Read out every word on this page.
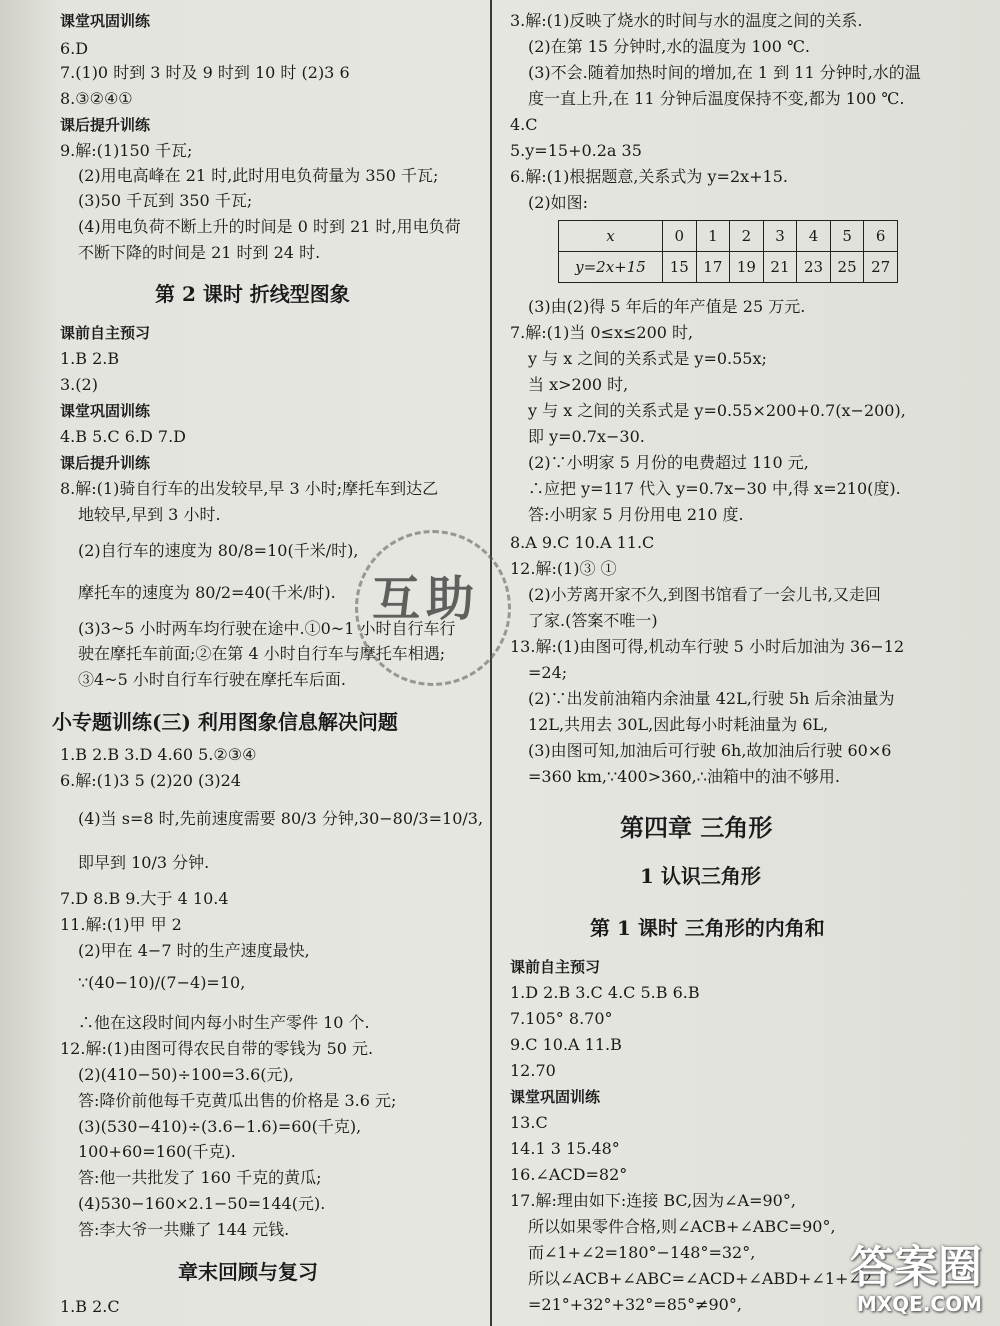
课堂巩固训练
6.D
7.(1)0 时到 3 时及 9 时到 10 时 (2)3 6
8.③②④①
课后提升训练
9.解:(1)150 千瓦;
(2)用电高峰在 21 时,此时用电负荷量为 350 千瓦;
(3)50 千瓦到 350 千瓦;
(4)用电负荷不断上升的时间是 0 时到 21 时,用电负荷
不断下降的时间是 21 时到 24 时.
课前自主预习
1.B 2.B
3.(2)
课堂巩固训练
4.B 5.C 6.D 7.D
课后提升训练
8.解:(1)骑自行车的出发较早,早 3 小时;摩托车到达乙
地较早,早到 3 小时.
(2)自行车的速度为 80/8=10(千米/时),
摩托车的速度为 80/2=40(千米/时).
(3)3~5 小时两车均行驶在途中.①0~1 小时自行车行
驶在摩托车前面;②在第 4 小时自行车与摩托车相遇;
③4~5 小时自行车行驶在摩托车后面.
1.B 2.B 3.D 4.60 5.②③④
6.解:(1)3 5 (2)20 (3)24
(4)当 s=8 时,先前速度需要 80/3 分钟,30−80/3=10/3,
即早到 10/3 分钟.
7.D 8.B 9.大于 4 10.4
11.解:(1)甲 甲 2
(2)甲在 4−7 时的生产速度最快,
∵(40−10)/(7−4)=10,
∴他在这段时间内每小时生产零件 10 个.
12.解:(1)由图可得农民自带的零钱为 50 元.
(2)(410−50)÷100=3.6(元),
答:降价前他每千克黄瓜出售的价格是 3.6 元;
(3)(530−410)÷(3.6−1.6)=60(千克),
100+60=160(千克).
答:他一共批发了 160 千克的黄瓜;
(4)530−160×2.1−50=144(元).
答:李大爷一共赚了 144 元钱.
1.B 2.C
第 2 课时 折线型图象
小专题训练(三) 利用图象信息解决问题
章末回顾与复习
x	0	1	2	3	4	5	6
y=2x+15	15	17	19	21	23	25	27
3.解:(1)反映了烧水的时间与水的温度之间的关系.
(2)在第 15 分钟时,水的温度为 100 ℃.
(3)不会.随着加热时间的增加,在 1 到 11 分钟时,水的温
度一直上升,在 11 分钟后温度保持不变,都为 100 ℃.
4.C
5.y=15+0.2a 35
6.解:(1)根据题意,关系式为 y=2x+15.
(2)如图:
(3)由(2)得 5 年后的年产值是 25 万元.
7.解:(1)当 0≤x≤200 时,
y 与 x 之间的关系式是 y=0.55x;
当 x>200 时,
y 与 x 之间的关系式是 y=0.55×200+0.7(x−200),
即 y=0.7x−30.
(2)∵小明家 5 月份的电费超过 110 元,
∴应把 y=117 代入 y=0.7x−30 中,得 x=210(度).
答:小明家 5 月份用电 210 度.
8.A 9.C 10.A 11.C
12.解:(1)③ ①
(2)小芳离开家不久,到图书馆看了一会儿书,又走回
了家.(答案不唯一)
13.解:(1)由图可得,机动车行驶 5 小时后加油为 36−12
=24;
(2)∵出发前油箱内余油量 42L,行驶 5h 后余油量为
12L,共用去 30L,因此每小时耗油量为 6L,
(3)由图可知,加油后可行驶 6h,故加油后行驶 60×6
=360 km,∵400>360,∴油箱中的油不够用.
课前自主预习
1.D 2.B 3.C 4.C 5.B 6.B
7.105° 8.70°
9.C 10.A 11.B
12.70
课堂巩固训练
13.C
14.1 3 15.48°
16.∠ACD=82°
17.解:理由如下:连接 BC,因为∠A=90°,
所以如果零件合格,则∠ACB+∠ABC=90°,
而∠1+∠2=180°−148°=32°,
所以∠ACB+∠ABC=∠ACD+∠ABD+∠1+∠2
=21°+32°+32°=85°≠90°,
第四章 三角形
1 认识三角形
第 1 课时 三角形的内角和
互助
答案圈
MXQE.COM
